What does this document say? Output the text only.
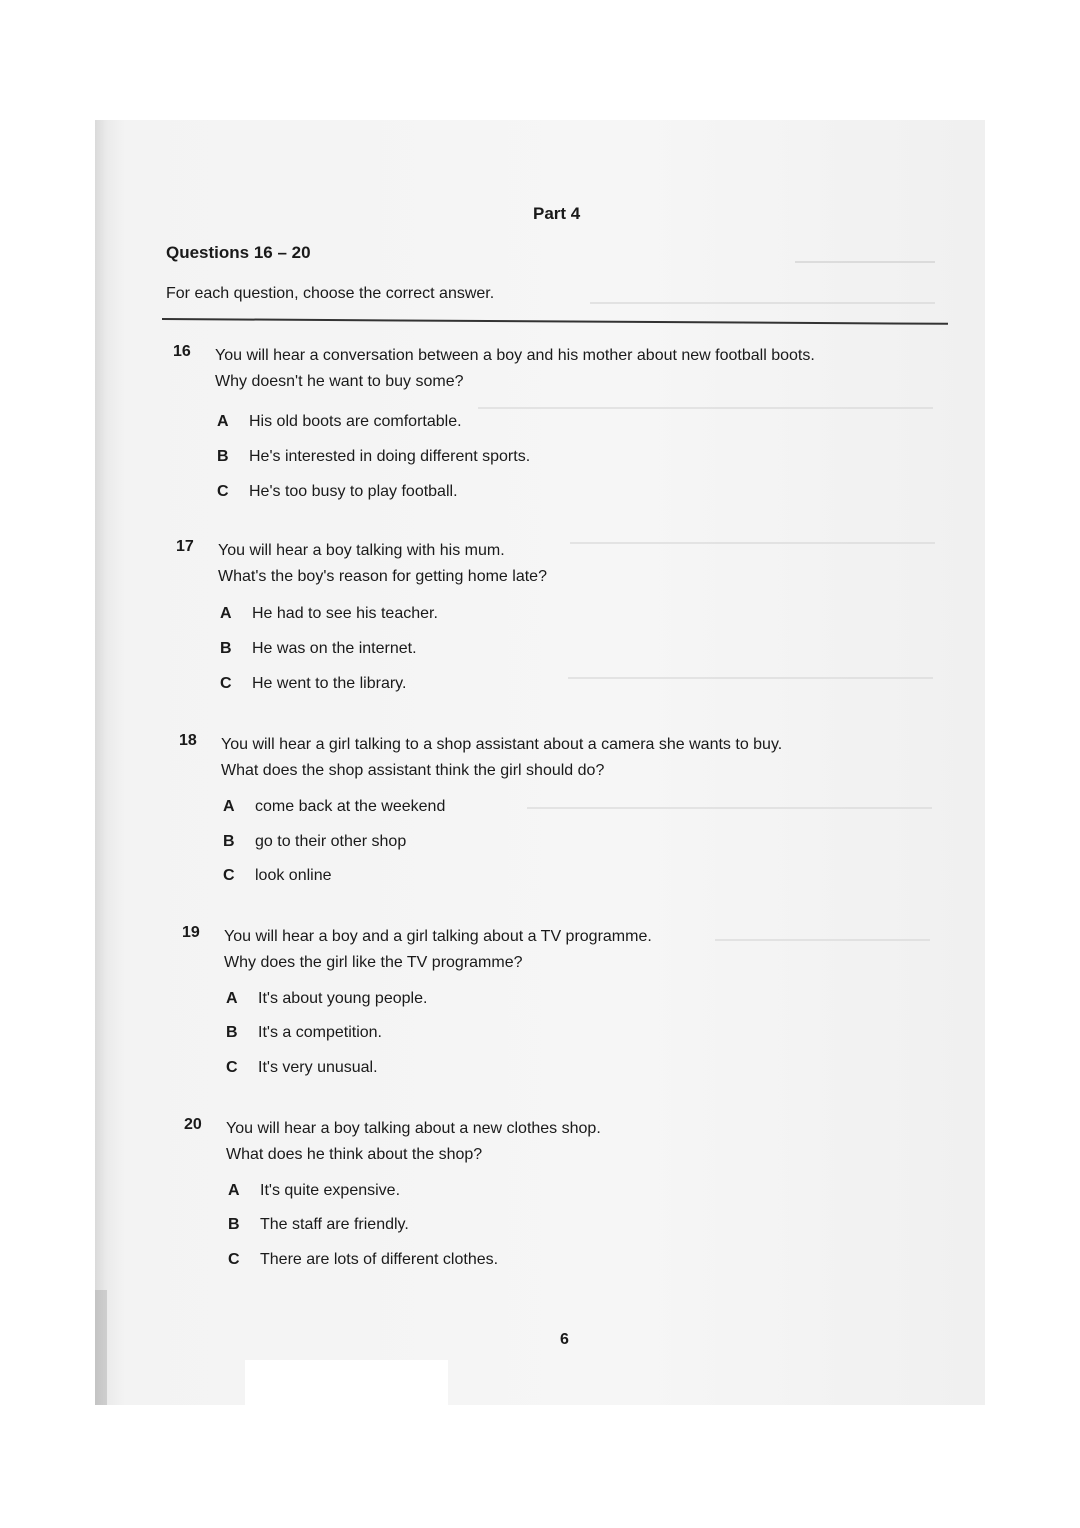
Part 4
Questions 16 – 20
For each question, choose the correct answer.
16 You will hear a conversation between a boy and his mother about new football boots.
Why doesn't he want to buy some?
A His old boots are comfortable.
B He's interested in doing different sports.
C He's too busy to play football.
17 You will hear a boy talking with his mum.
What's the boy's reason for getting home late?
A He had to see his teacher.
B He was on the internet.
C He went to the library.
18 You will hear a girl talking to a shop assistant about a camera she wants to buy.
What does the shop assistant think the girl should do?
A come back at the weekend
B go to their other shop
C look online
19 You will hear a boy and a girl talking about a TV programme.
Why does the girl like the TV programme?
A It's about young people.
B It's a competition.
C It's very unusual.
20 You will hear a boy talking about a new clothes shop.
What does he think about the shop?
A It's quite expensive.
B The staff are friendly.
C There are lots of different clothes.
6
